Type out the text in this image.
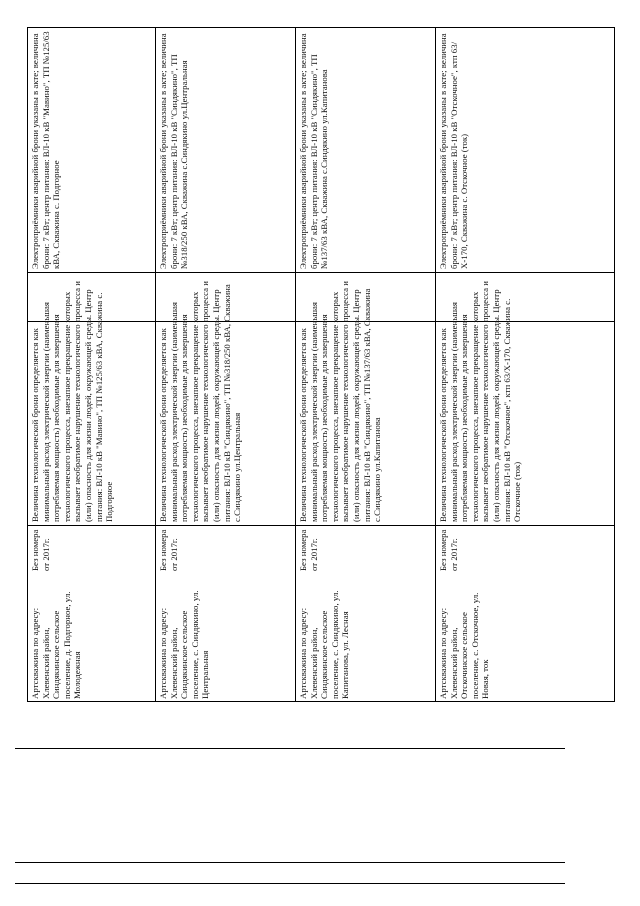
Электроприёмники аварийной брони указаны в акте; величина брони: 7 кВт; центр питания: ВЛ-10 кВ "Мавино", ТП №125/63 кВА, Скважина с. Подгорное
Величина технологической брони определяется как минимальный расход электрической энергии (наименьшая потребляемая мощность) необходимые для завершения технологического процесса, внезапное прекращение которых вызывает необратимое нарушение технологического процесса и (или) опасность для жизни людей, окружающей среды. Центр питания: ВЛ-10 кВ "Мавино", ТП №125/63 кВА, Скважина с. Подгорное
Без номера от 2017г.
Артскважина по адресу: Хлевенский район, Синдякинское сельское поселение, д. Подгорное, ул. Молодежная
Электроприёмники аварийной брони указаны в акте; величина брони: 7 кВт; центр питания: ВЛ-10 кВ "Синдякино", ТП №318/250 кВА, Скважина с.Синдякино ул.Центральная
Величина технологической брони определяется как минимальный расход электрической энергии (наименьшая потребляемая мощность) необходимые для завершения технологического процесса, внезапное прекращение которых вызывает необратимое нарушение технологического процесса и (или) опасность для жизни людей, окружающей среды. Центр питания: ВЛ-10 кВ "Синдякино", ТП №318/250 кВА, Скважина с.Синдякино ул.Центральная
Без номера от 2017г.
Артскважина по адресу: Хлевенский район, Синдякинское сельское поселение, с. Синдякино, ул. Центральная
Электроприёмники аварийной брони указаны в акте; величина брони: 7 кВт; центр питания: ВЛ-10 кВ "Синдякино", ТП №137/63 кВА, Скважина с.Синдякино ул.Капитанова
Величина технологической брони определяется как минимальный расход электрической энергии (наименьшая потребляемая мощность) необходимые для завершения технологического процесса, внезапное прекращение которых вызывает необратимое нарушение технологического процесса и (или) опасность для жизни людей, окружающей среды. Центр питания: ВЛ-10 кВ "Синдякино", ТП №137/63 кВА, Скважина с.Синдякино ул.Капитанова
Без номера от 2017г.
Артскважина по адресу: Хлевенский район, Синдякинское сельское поселение, с. Синдякино, ул. Капитанова, ул. Лесная
Электроприёмники аварийной брони указаны в акте; величина брони: 7 кВт; центр питания: ВЛ-10 кВ "Отскочное", ктп 63/Х-170, Скважина с. Отскочное (ток)
Величина технологической брони определяется как минимальный расход электрической энергии (наименьшая потребляемая мощность) необходимые для завершения технологического процесса, внезапное прекращение которых вызывает необратимое нарушение технологического процесса и (или) опасность для жизни людей, окружающей среды. Центр питания: ВЛ-10 кВ "Отскочное", ктп 63/Х-170, Скважина с. Отскочное (ток)
Без номера от 2017г.
Артскважина по адресу: Хлевенский район, Отскочинское сельское поселение, с. Отскочное, ул. Новая, ток
